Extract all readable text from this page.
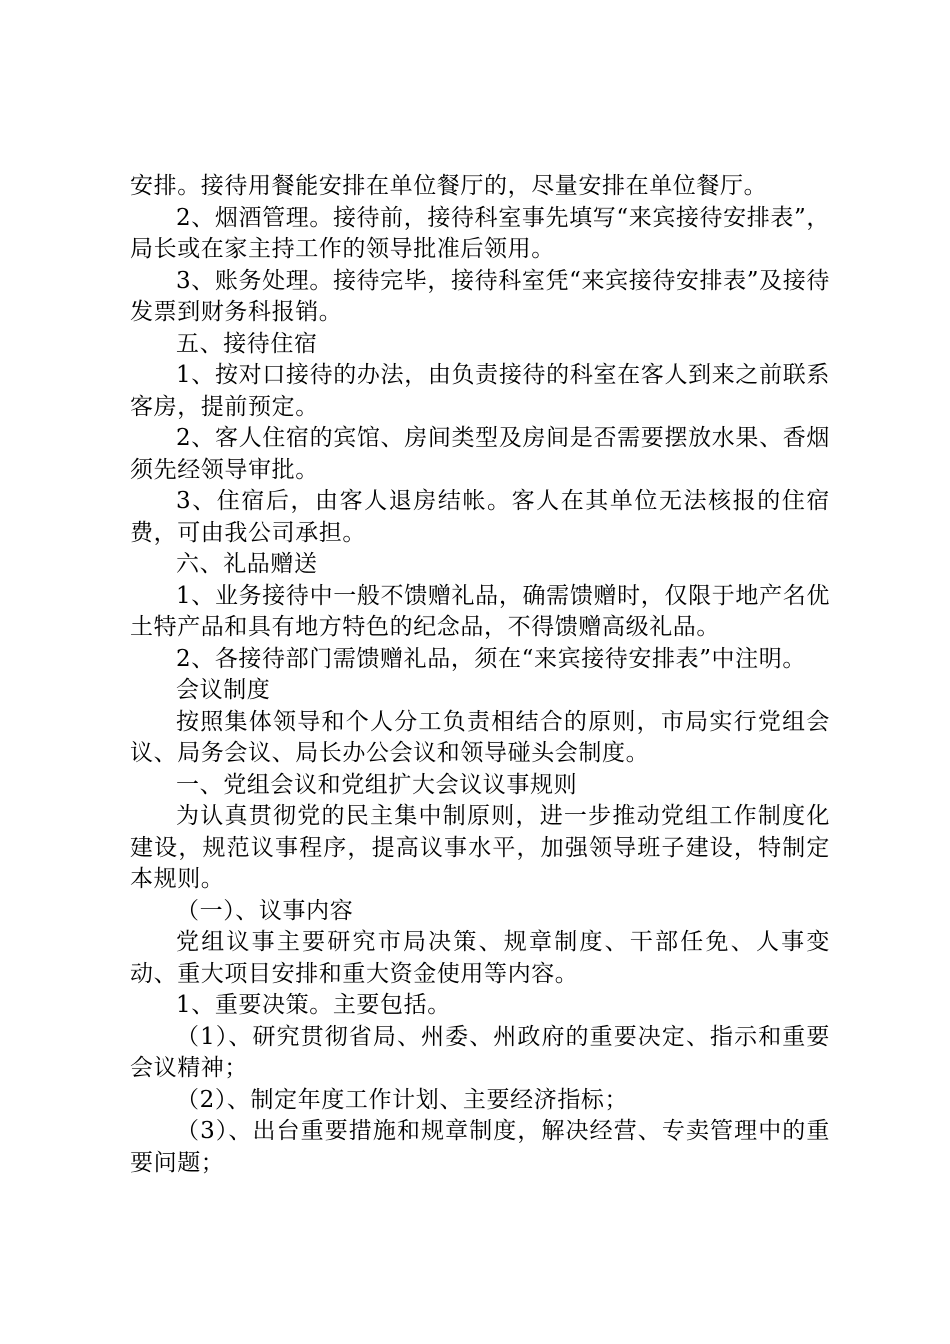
安排。接待用餐能安排在单位餐厅的，尽量安排在单位餐厅。

2、烟酒管理。接待前，接待科室事先填写“来宾接待安排表”，局长或在家主持工作的领导批准后领用。

3、账务处理。接待完毕，接待科室凭“来宾接待安排表”及接待发票到财务科报销。

五、接待住宿

1、按对口接待的办法，由负责接待的科室在客人到来之前联系客房，提前预定。

2、客人住宿的宾馆、房间类型及房间是否需要摆放水果、香烟须先经领导审批。

3、住宿后，由客人退房结帐。客人在其单位无法核报的住宿费，可由我公司承担。

六、礼品赠送

1、业务接待中一般不馈赠礼品，确需馈赠时，仅限于地产名优土特产品和具有地方特色的纪念品，不得馈赠高级礼品。

2、各接待部门需馈赠礼品，须在“来宾接待安排表”中注明。

会议制度

按照集体领导和个人分工负责相结合的原则，市局实行党组会议、局务会议、局长办公会议和领导碰头会制度。

一、党组会议和党组扩大会议议事规则

为认真贯彻党的民主集中制原则，进一步推动党组工作制度化建设，规范议事程序，提高议事水平，加强领导班子建设，特制定本规则。

（一）、议事内容

党组议事主要研究市局决策、规章制度、干部任免、人事变动、重大项目安排和重大资金使用等内容。

1、重要决策。主要包括。

（1）、研究贯彻省局、州委、州政府的重要决定、指示和重要会议精神；

（2）、制定年度工作计划、主要经济指标；

（3）、出台重要措施和规章制度，解决经营、专卖管理中的重要问题；
